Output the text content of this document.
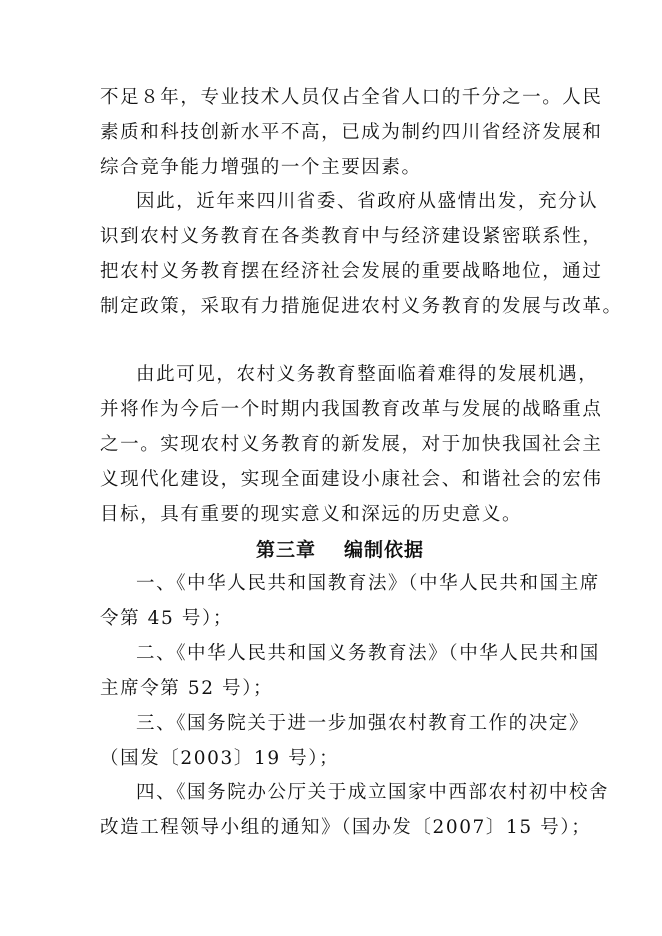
不足８年，专业技术人员仅占全省人口的千分之一。人民
素质和科技创新水平不高，已成为制约四川省经济发展和
综合竞争能力增强的一个主要因素。
因此，近年来四川省委、省政府从盛情出发，充分认
识到农村义务教育在各类教育中与经济建设紧密联系性，
把农村义务教育摆在经济社会发展的重要战略地位，通过
制定政策，采取有力措施促进农村义务教育的发展与改革。
由此可见，农村义务教育整面临着难得的发展机遇，
并将作为今后一个时期内我国教育改革与发展的战略重点
之一。实现农村义务教育的新发展，对于加快我国社会主
义现代化建设，实现全面建设小康社会、和谐社会的宏伟
目标，具有重要的现实意义和深远的历史意义。
第三章 编制依据
一、《中华人民共和国教育法》（中华人民共和国主席
令第 45 号）；
二、《中华人民共和国义务教育法》（中华人民共和国
主席令第 52 号）；
三、《国务院关于进一步加强农村教育工作的决定》
（国发〔2003〕19 号）；
四、《国务院办公厅关于成立国家中西部农村初中校舍
改造工程领导小组的通知》（国办发〔2007〕15 号）；
